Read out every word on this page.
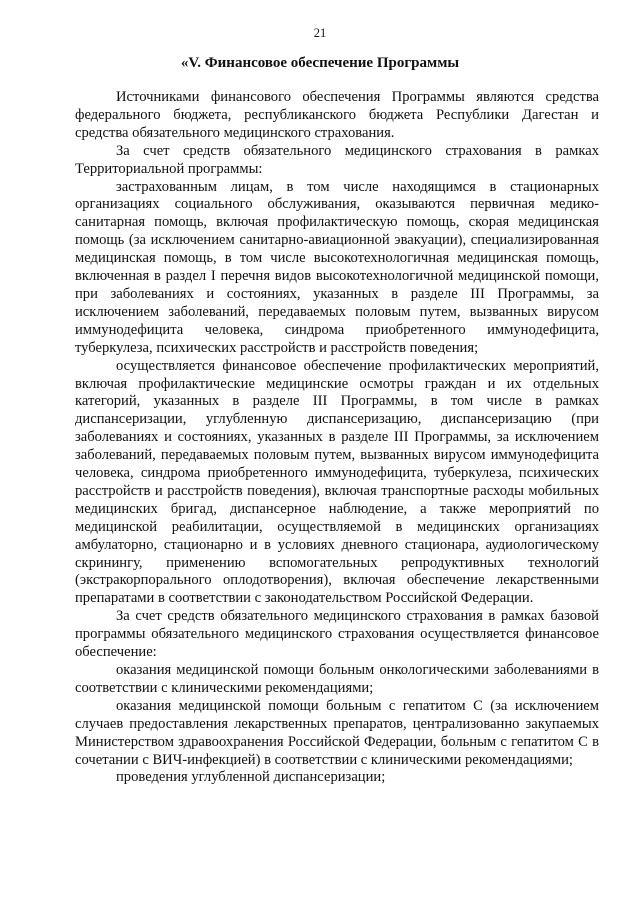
21
«V. Финансовое обеспечение Программы

Источниками финансового обеспечения Программы являются средства федерального бюджета, республиканского бюджета Республики Дагестан и средства обязательного медицинского страхования.

За счет средств обязательного медицинского страхования в рамках Территориальной программы:

застрахованным лицам, в том числе находящимся в стационарных организациях социального обслуживания, оказываются первичная медико-санитарная помощь, включая профилактическую помощь, скорая медицинская помощь (за исключением санитарно-авиационной эвакуации), специализированная медицинская помощь, в том числе высокотехнологичная медицинская помощь, включенная в раздел I перечня видов высокотехнологичной медицинской помощи, при заболеваниях и состояниях, указанных в разделе III Программы, за исключением заболеваний, передаваемых половым путем, вызванных вирусом иммунодефицита человека, синдрома приобретенного иммунодефицита, туберкулеза, психических расстройств и расстройств поведения;

осуществляется финансовое обеспечение профилактических мероприятий, включая профилактические медицинские осмотры граждан и их отдельных категорий, указанных в разделе III Программы, в том числе в рамках диспансеризации, углубленную диспансеризацию, диспансеризацию (при заболеваниях и состояниях, указанных в разделе III Программы, за исключением заболеваний, передаваемых половым путем, вызванных вирусом иммунодефицита человека, синдрома приобретенного иммунодефицита, туберкулеза, психических расстройств и расстройств поведения), включая транспортные расходы мобильных медицинских бригад, диспансерное наблюдение, а также мероприятий по медицинской реабилитации, осуществляемой в медицинских организациях амбулаторно, стационарно и в условиях дневного стационара, аудиологическому скринингу, применению вспомогательных репродуктивных технологий (экстракорпорального оплодотворения), включая обеспечение лекарственными препаратами в соответствии с законодательством Российской Федерации.

За счет средств обязательного медицинского страхования в рамках базовой программы обязательного медицинского страхования осуществляется финансовое обеспечение:

оказания медицинской помощи больным онкологическими заболеваниями в соответствии с клиническими рекомендациями;

оказания медицинской помощи больным с гепатитом C (за исключением случаев предоставления лекарственных препаратов, централизованно закупаемых Министерством здравоохранения Российской Федерации, больным с гепатитом C в сочетании с ВИЧ-инфекцией) в соответствии с клиническими рекомендациями;

проведения углубленной диспансеризации;
